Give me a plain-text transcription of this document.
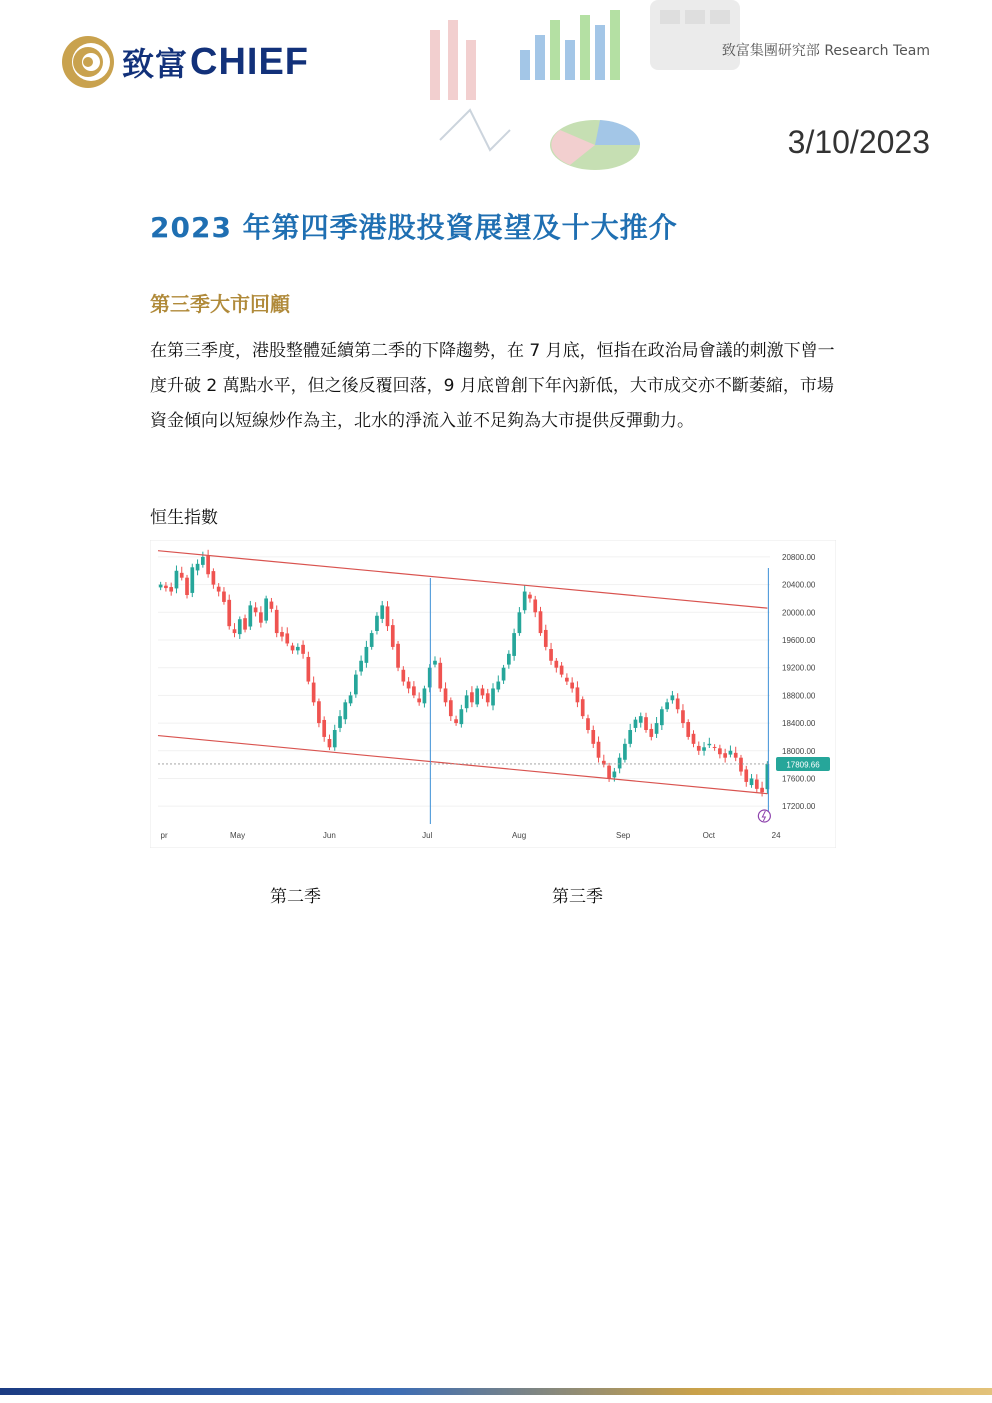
致富 CHIEF	致富集團研究部 Research Team
3/10/2023
2023 年第四季港股投資展望及十大推介
第三季大市回顧

在第三季度，港股整體延續第二季的下降趨勢，在 7 月底，恒指在政治局會議的刺激下曾一度升破 2 萬點水平，但之後反覆回落，9 月底曾創下年內新低，大市成交亦不斷萎縮，市場資金傾向以短線炒作為主，北水的淨流入並不足夠為大市提供反彈動力。

恒生指數
17809.66
20800.00
20400.00
20000.00
19600.00
19200.00
18800.00
18400.00
18000.00
17600.00
17200.00
pr	May	Jun	Jul	Aug	Sep	Oct	24
第二季	第三季
